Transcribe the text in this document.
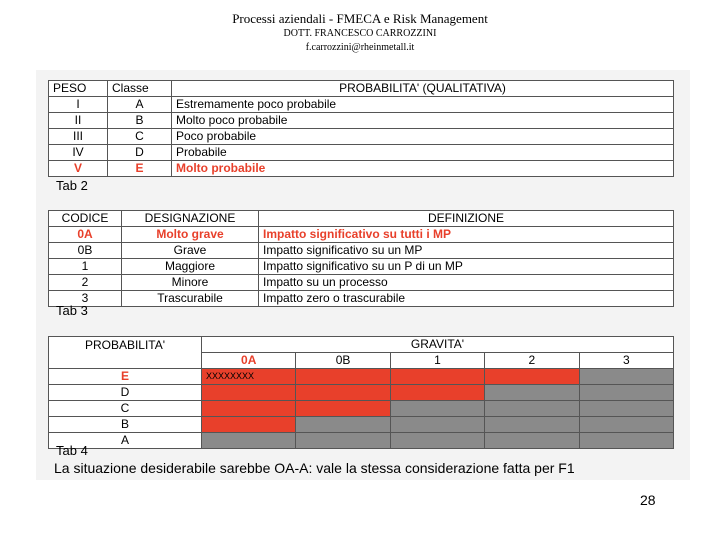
Processi aziendali - FMECA e Risk Management
DOTT. FRANCESCO CARROZZINI
f.carrozzini@rheinmetall.it
PESO	Classe	PROBABILITA' (QUALITATIVA)
I	A	Estremamente poco probabile
II	B	Molto poco probabile
III	C	Poco probabile
IV	D	Probabile
V	E	Molto probabile
Tab 2
CODICE	DESIGNAZIONE	DEFINIZIONE
0A	Molto grave	Impatto significativo su tutti i MP
0B	Grave	Impatto significativo su un MP
1	Maggiore	Impatto significativo su un P di un MP
2	Minore	Impatto su un processo
3	Trascurabile	Impatto zero o trascurabile
Tab 3
PROBABILITA'	GRAVITA'				
	0A	0B	1	2	3
E	XXXXXXXX				
D					
C					
B					
A					
Tab 4
La situazione desiderabile sarebbe OA-A: vale la stessa considerazione fatta per F1
28
